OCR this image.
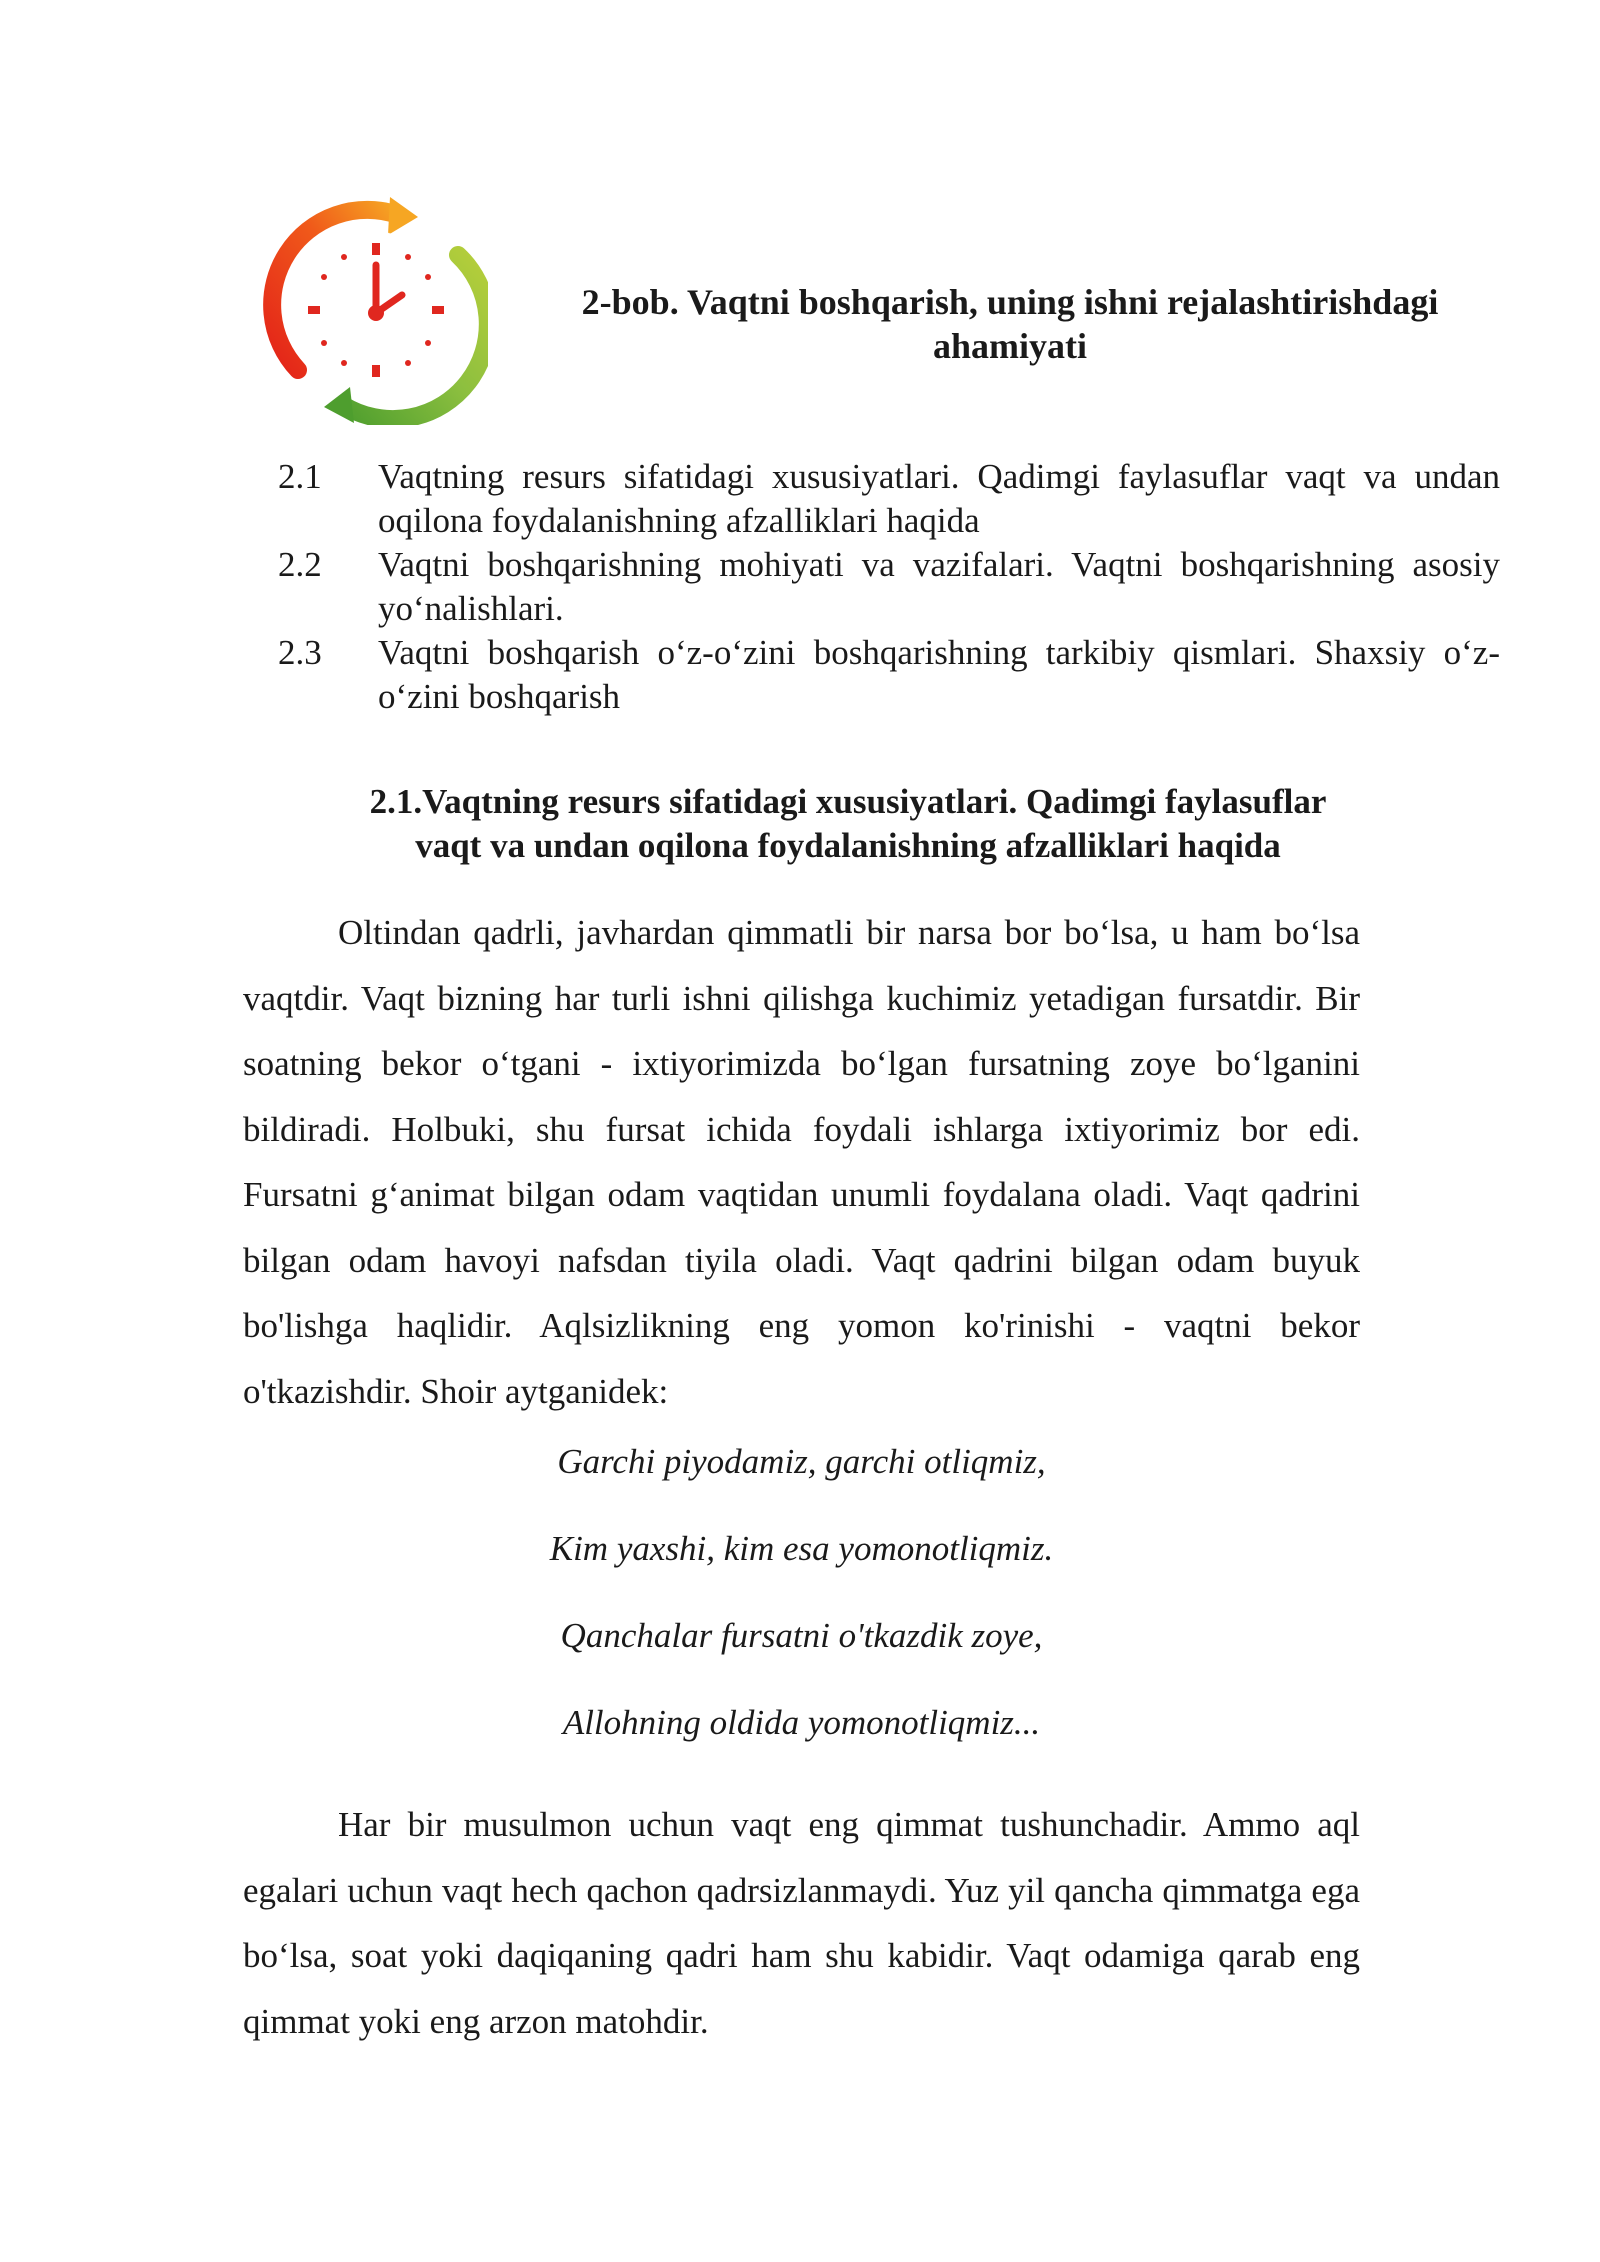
2-bob. Vaqtni boshqarish, uning ishni rejalashtirishdagi
ahamiyati
2.1	Vaqtning resurs sifatidagi xususiyatlari. Qadimgi faylasuflar vaqt va undan oqilona foydalanishning afzalliklari haqida
2.2	Vaqtni boshqarishning mohiyati va vazifalari. Vaqtni boshqarishning asosiy yo‘nalishlari.
2.3	Vaqtni boshqarish o‘z-o‘zini boshqarishning tarkibiy qismlari. Shaxsiy o‘z-o‘zini boshqarish
2.1.Vaqtning resurs sifatidagi xususiyatlari. Qadimgi faylasuflar
vaqt va undan oqilona foydalanishning afzalliklari haqida

Oltindan qadrli, javhardan qimmatli bir narsa bor bo‘lsa, u ham bo‘lsa vaqtdir. Vaqt bizning har turli ishni qilishga kuchimiz yetadigan fursatdir. Bir soatning bekor o‘tgani - ixtiyorimizda bo‘lgan fursatning zoye bo‘lganini bildiradi. Holbuki, shu fursat ichida foydali ishlarga ixtiyorimiz bor edi. Fursatni g‘animat bilgan odam vaqtidan unumli foydalana oladi. Vaqt qadrini bilgan odam havoyi nafsdan tiyila oladi. Vaqt qadrini bilgan odam buyuk bo'lishga haqlidir. Aqlsizlikning eng yomon ko'rinishi - vaqtni bekor o'tkazishdir. Shoir aytganidek:

Garchi piyodamiz, garchi otliqmiz,
Kim yaxshi, kim esa yomonotliqmiz.
Qanchalar fursatni o'tkazdik zoye,
Allohning oldida yomonotliqmiz...

Har bir musulmon uchun vaqt eng qimmat tushunchadir. Ammo aql egalari uchun vaqt hech qachon qadrsizlanmaydi. Yuz yil qancha qimmatga ega bo‘lsa, soat yoki daqiqaning qadri ham shu kabidir. Vaqt odamiga qarab eng qimmat yoki eng arzon matohdir.
